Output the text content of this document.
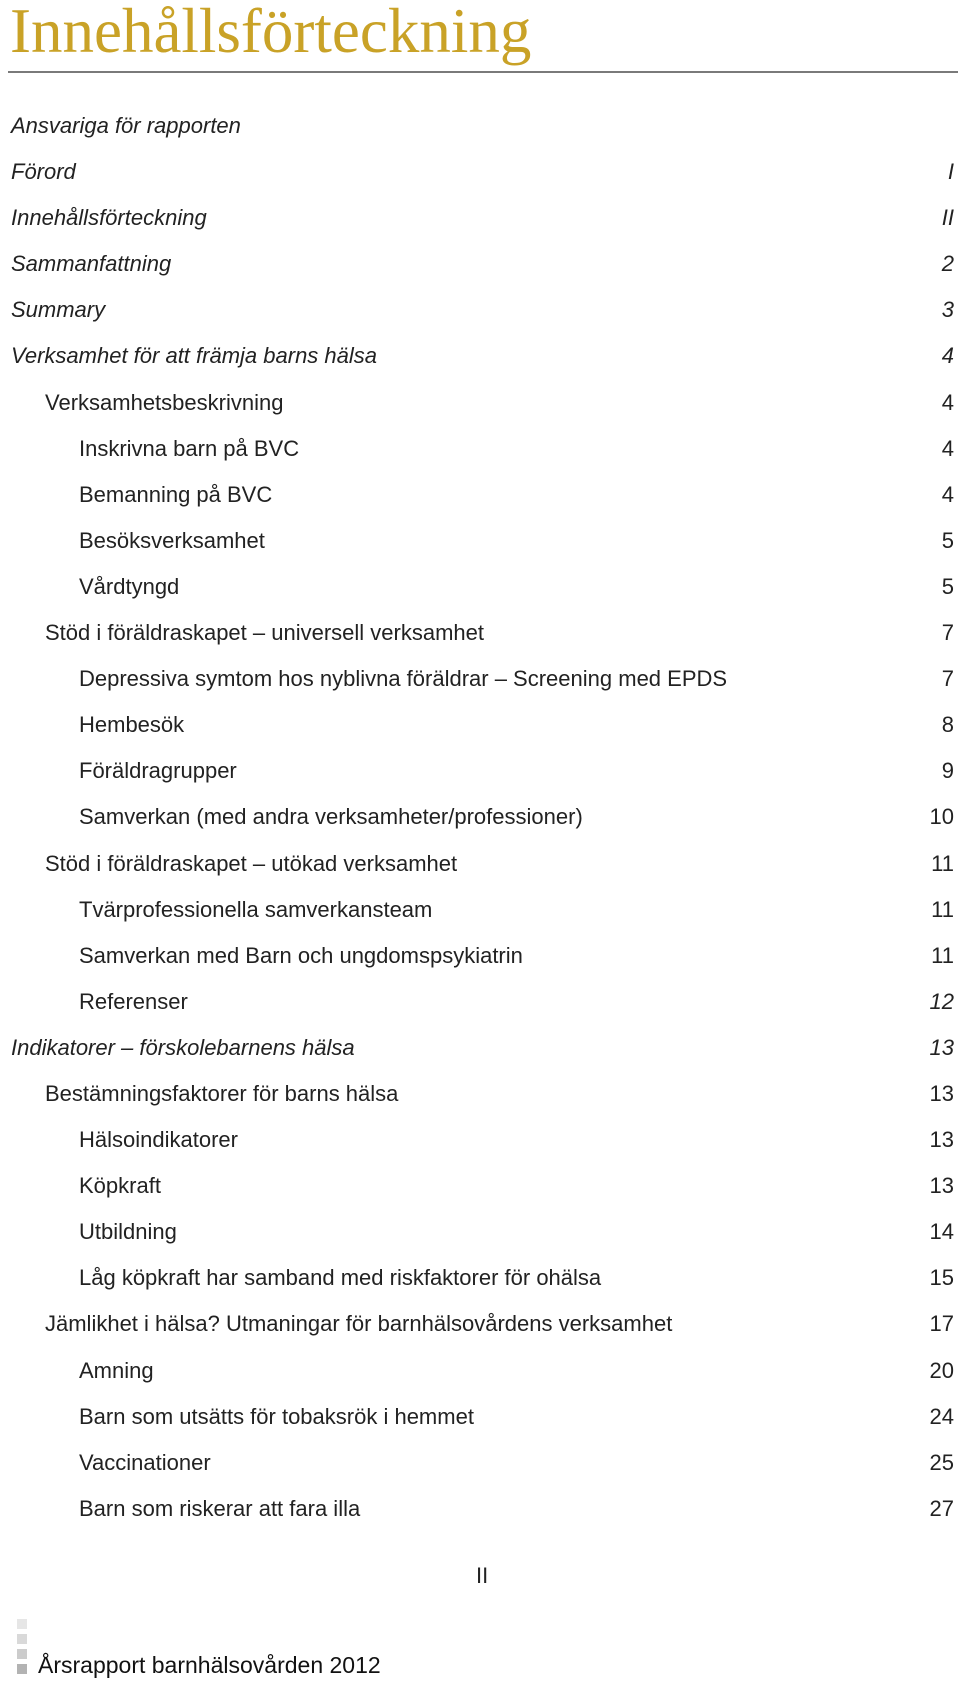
Innehållsförteckning
Ansvariga för rapporten
Förord	I
Innehållsförteckning	II
Sammanfattning	2
Summary	3
Verksamhet för att främja barns hälsa	4
Verksamhetsbeskrivning	4
Inskrivna barn på BVC	4
Bemanning på BVC	4
Besöksverksamhet	5
Vårdtyngd	5
Stöd i föräldraskapet – universell verksamhet	7
Depressiva symtom hos nyblivna föräldrar – Screening med EPDS	7
Hembesök	8
Föräldragrupper	9
Samverkan (med andra verksamheter/professioner)	10
Stöd i föräldraskapet – utökad verksamhet	11
Tvärprofessionella samverkansteam	11
Samverkan med Barn och ungdomspsykiatrin	11
Referenser	12
Indikatorer – förskolebarnens hälsa	13
Bestämningsfaktorer för barns hälsa	13
Hälsoindikatorer	13
Köpkraft	13
Utbildning	14
Låg köpkraft har samband med riskfaktorer för ohälsa	15
Jämlikhet i hälsa? Utmaningar för barnhälsovårdens verksamhet	17
Amning	20
Barn som utsätts för tobaksrök i hemmet	24
Vaccinationer	25
Barn som riskerar att fara illa	27
II
Årsrapport barnhälsovården 2012
